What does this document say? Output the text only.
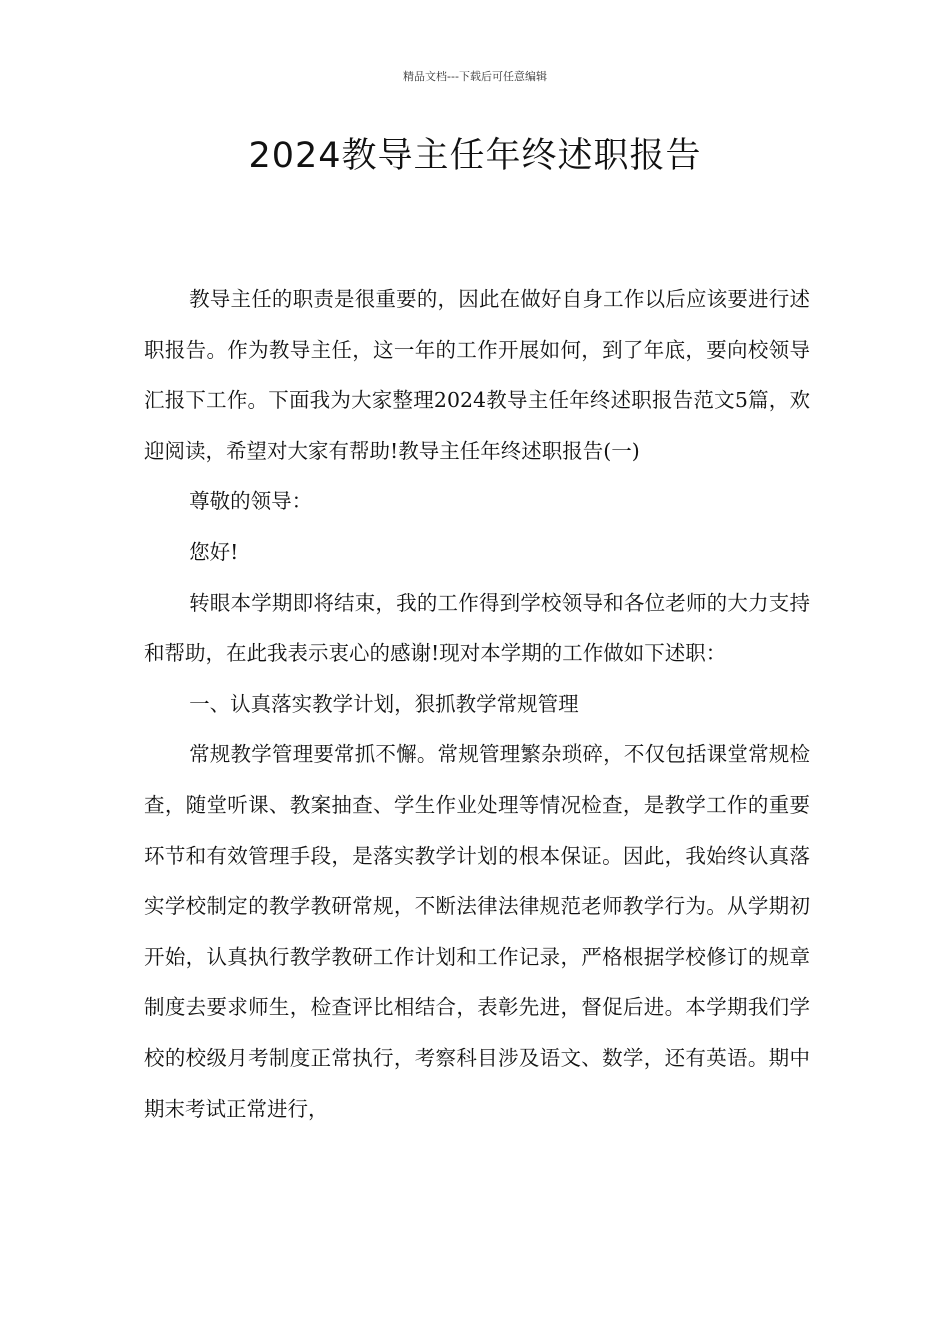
精品文档---下载后可任意编辑
2024教导主任年终述职报告

教导主任的职责是很重要的，因此在做好自身工作以后应该要进行述职报告。作为教导主任，这一年的工作开展如何，到了年底，要向校领导汇报下工作。下面我为大家整理2024教导主任年终述职报告范文5篇，欢迎阅读，希望对大家有帮助!教导主任年终述职报告(一)

尊敬的领导：

您好!

转眼本学期即将结束，我的工作得到学校领导和各位老师的大力支持和帮助，在此我表示衷心的感谢!现对本学期的工作做如下述职：

一、认真落实教学计划，狠抓教学常规管理

常规教学管理要常抓不懈。常规管理繁杂琐碎，不仅包括课堂常规检查，随堂听课、教案抽查、学生作业处理等情况检查，是教学工作的重要环节和有效管理手段，是落实教学计划的根本保证。因此，我始终认真落实学校制定的教学教研常规，不断法律法律规范老师教学行为。从学期初开始，认真执行教学教研工作计划和工作记录，严格根据学校修订的规章制度去要求师生，检查评比相结合，表彰先进，督促后进。本学期我们学校的校级月考制度正常执行，考察科目涉及语文、数学，还有英语。期中期末考试正常进行，
